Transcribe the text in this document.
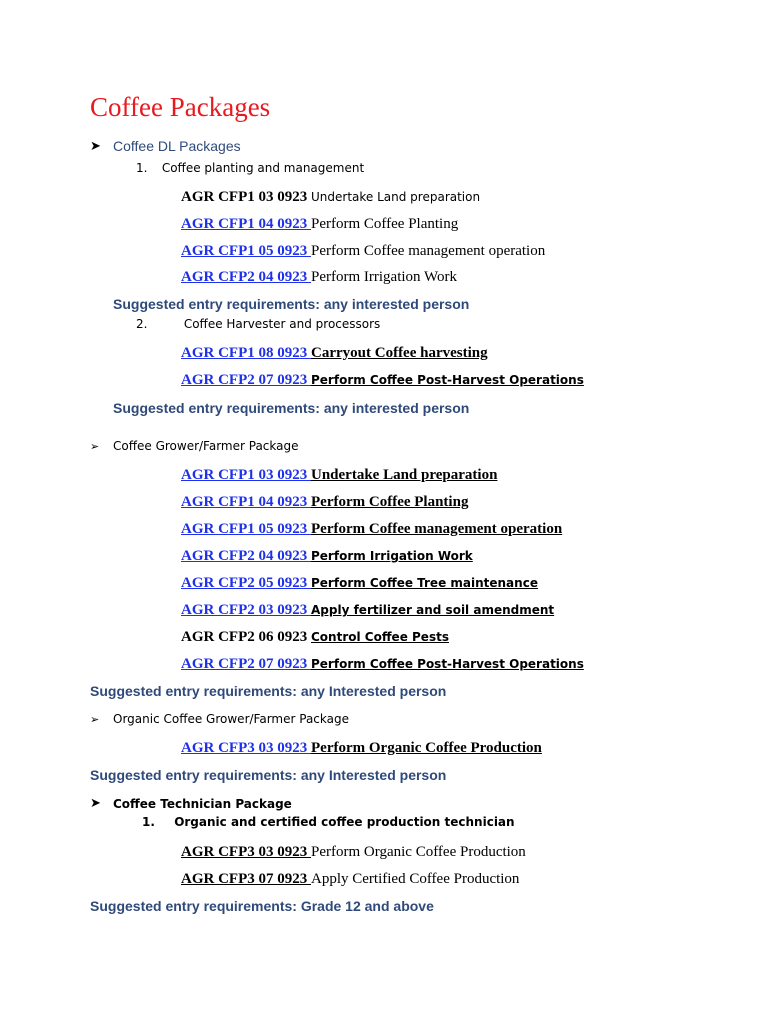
Coffee Packages
➤ Coffee DL Packages
1. Coffee planting and management
AGR CFP1 03 0923 Undertake Land preparation
AGR CFP1 04 0923 Perform Coffee Planting
AGR CFP1 05 0923 Perform Coffee management operation
AGR CFP2 04 0923 Perform Irrigation Work
Suggested entry requirements: any interested person
2.	Coffee Harvester and processors
AGR CFP1 08 0923 Carryout Coffee harvesting
AGR CFP2 07 0923 Perform Coffee Post-Harvest Operations
Suggested entry requirements: any interested person
➢	Coffee Grower/Farmer Package
AGR CFP1 03 0923 Undertake Land preparation
AGR CFP1 04 0923 Perform Coffee Planting
AGR CFP1 05 0923 Perform Coffee management operation
AGR CFP2 04 0923 Perform Irrigation Work
AGR CFP2 05 0923 Perform Coffee Tree maintenance
AGR CFP2 03 0923 Apply fertilizer and soil amendment
AGR CFP2 06 0923 Control Coffee Pests
AGR CFP2 07 0923 Perform Coffee Post-Harvest Operations
Suggested entry requirements: any Interested person
➢	Organic Coffee Grower/Farmer Package
AGR CFP3 03 0923 Perform Organic Coffee Production
Suggested entry requirements: any Interested person
➤	Coffee Technician Package
1. Organic and certified coffee production technician
AGR CFP3 03 0923 Perform Organic Coffee Production
AGR CFP3 07 0923 Apply Certified Coffee Production
Suggested entry requirements: Grade 12 and above
